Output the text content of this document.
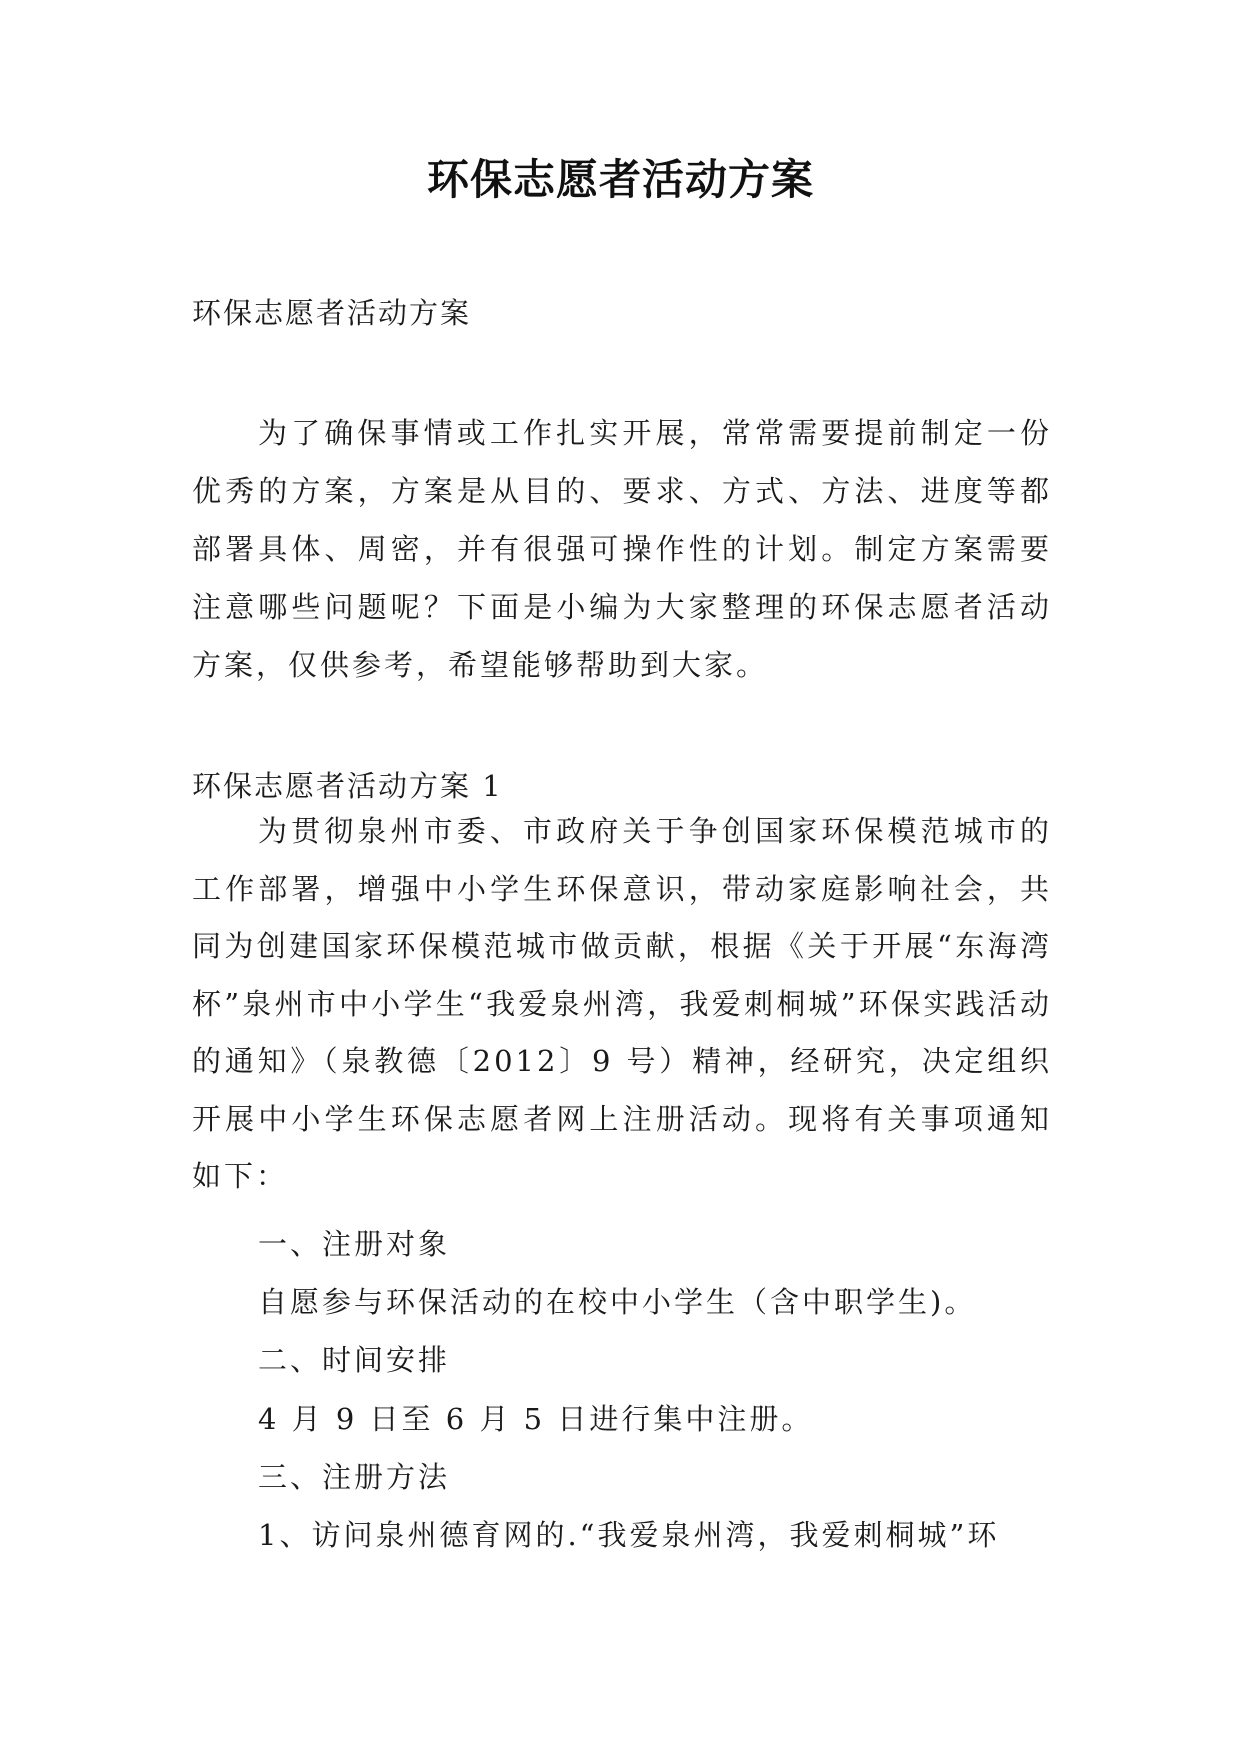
环保志愿者活动方案
环保志愿者活动方案

为了确保事情或工作扎实开展，常常需要提前制定一份优秀的方案，方案是从目的、要求、方式、方法、进度等都部署具体、周密，并有很强可操作性的计划。制定方案需要注意哪些问题呢？下面是小编为大家整理的环保志愿者活动方案，仅供参考，希望能够帮助到大家。

环保志愿者活动方案 1

为贯彻泉州市委、市政府关于争创国家环保模范城市的工作部署，增强中小学生环保意识，带动家庭影响社会，共同为创建国家环保模范城市做贡献，根据《关于开展“东海湾杯”泉州市中小学生“我爱泉州湾，我爱刺桐城”环保实践活动的通知》（泉教德〔2012〕9 号）精神，经研究，决定组织开展中小学生环保志愿者网上注册活动。现将有关事项通知如下：

一、注册对象
自愿参与环保活动的在校中小学生（含中职学生)。
二、时间安排
4 月 9 日至 6 月 5 日进行集中注册。
三、注册方法
1、访问泉州德育网的.“我爱泉州湾，我爱刺桐城”环
